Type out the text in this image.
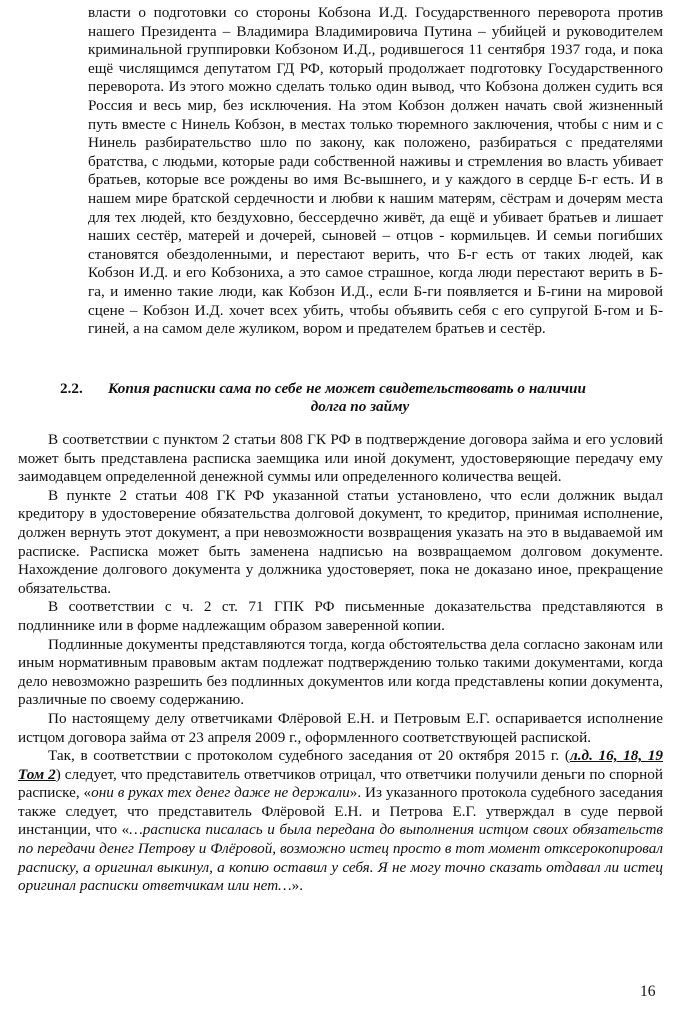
власти о подготовки со стороны Кобзона И.Д. Государственного переворота против нашего Президента – Владимира Владимировича Путина – убийцей и руководителем криминальной группировки Кобзоном И.Д., родившегося 11 сентября 1937 года, и пока ещё числящимся депутатом ГД РФ, который продолжает подготовку Государственного переворота. Из этого можно сделать только один вывод, что Кобзона должен судить вся Россия и весь мир, без исключения. На этом Кобзон должен начать свой жизненный путь вместе с Нинель Кобзон, в местах только тюремного заключения, чтобы с ним и с Нинель разбирательство шло по закону, как положено, разбираться с предателями братства, с людьми, которые ради собственной наживы и стремления во власть убивает братьев, которые все рождены во имя Вс-вышнего, и у каждого в сердце Б-г есть. И в нашем мире братской сердечности и любви к нашим матерям, сёстрам и дочерям места для тех людей, кто бездуховно, бессердечно живёт, да ещё и убивает братьев и лишает наших сестёр, матерей и дочерей, сыновей – отцов - кормильцев. И семьи погибших становятся обездоленными, и перестают верить, что Б-г есть от таких людей, как Кобзон И.Д. и его Кобзониха, а это самое страшное, когда люди перестают верить в Б-га, и именно такие люди, как Кобзон И.Д., если Б-ги появляется и Б-гини на мировой сцене – Кобзон И.Д. хочет всех убить, чтобы объявить себя с его супругой Б-гом и Б-гиней, а на самом деле жуликом, вором и предателем братьев и сестёр.

2.2. Копия расписки сама по себе не может свидетельствовать о наличии
долга по займу

В соответствии с пунктом 2 статьи 808 ГК РФ в подтверждение договора займа и его условий может быть представлена расписка заемщика или иной документ, удостоверяющие передачу ему заимодавцем определенной денежной суммы или определенного количества вещей.

В пункте 2 статьи 408 ГК РФ указанной статьи установлено, что если должник выдал кредитору в удостоверение обязательства долговой документ, то кредитор, принимая исполнение, должен вернуть этот документ, а при невозможности возвращения указать на это в выдаваемой им расписке. Расписка может быть заменена надписью на возвращаемом долговом документе. Нахождение долгового документа у должника удостоверяет, пока не доказано иное, прекращение обязательства.

В соответствии с ч. 2 ст. 71 ГПК РФ письменные доказательства представляются в подлиннике или в форме надлежащим образом заверенной копии.

Подлинные документы представляются тогда, когда обстоятельства дела согласно законам или иным нормативным правовым актам подлежат подтверждению только такими документами, когда дело невозможно разрешить без подлинных документов или когда представлены копии документа, различные по своему содержанию.

По настоящему делу ответчиками Флёровой Е.Н. и Петровым Е.Г. оспаривается исполнение истцом договора займа от 23 апреля 2009 г., оформленного соответствующей распиской.

Так, в соответствии с протоколом судебного заседания от 20 октября 2015 г. (л.д. 16, 18, 19 Том 2) следует, что представитель ответчиков отрицал, что ответчики получили деньги по спорной расписке, «они в руках тех денег даже не держали». Из указанного протокола судебного заседания также следует, что представитель Флёровой Е.Н. и Петрова Е.Г. утверждал в суде первой инстанции, что «…расписка писалась и была передана до выполнения истцом своих обязательств по передачи денег Петрову и Флёровой, возможно истец просто в тот момент отксерокопировал расписку, а оригинал выкинул, а копию оставил у себя. Я не могу точно сказать отдавал ли истец оригинал расписки ответчикам или нет…».

16
